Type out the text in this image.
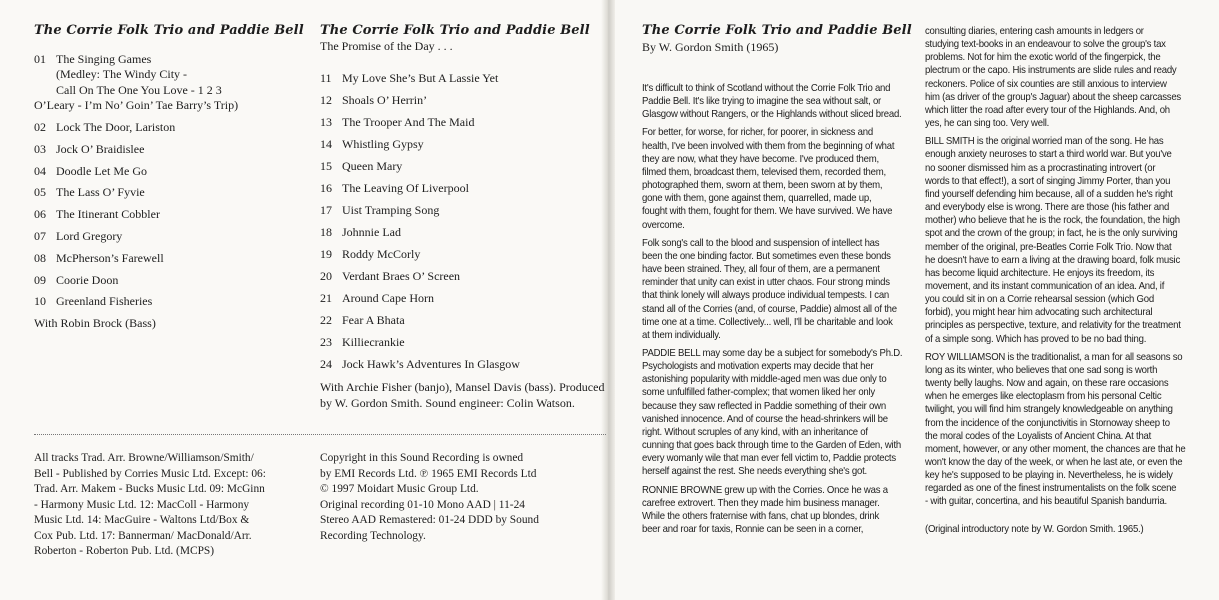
The Corrie Folk Trio and Paddie Bell
01 The Singing Games
(Medley: The Windy City -
Call On The One You Love - 1 2 3
O’Leary - I’m No’ Goin’ Tae Barry’s Trip)
02 Lock The Door, Lariston
03 Jock O’ Braidislee
04 Doodle Let Me Go
05 The Lass O’ Fyvie
06 The Itinerant Cobbler
07 Lord Gregory
08 McPherson’s Farewell
09 Coorie Doon
10 Greenland Fisheries
With Robin Brock (Bass)
The Corrie Folk Trio and Paddie Bell
The Promise of the Day . . .
11 My Love She’s But A Lassie Yet
12 Shoals O’ Herrin’
13 The Trooper And The Maid
14 Whistling Gypsy
15 Queen Mary
16 The Leaving Of Liverpool
17 Uist Tramping Song
18 Johnnie Lad
19 Roddy McCorly
20 Verdant Braes O’ Screen
21 Around Cape Horn
22 Fear A Bhata
23 Killiecrankie
24 Jock Hawk’s Adventures In Glasgow
With Archie Fisher (banjo), Mansel Davis (bass). Produced by W. Gordon Smith. Sound engineer: Colin Watson.
All tracks Trad. Arr. Browne/Williamson/Smith/
Bell - Published by Corries Music Ltd. Except: 06:
Trad. Arr. Makem - Bucks Music Ltd. 09: McGinn
- Harmony Music Ltd. 12: MacColl - Harmony
Music Ltd. 14: MacGuire - Waltons Ltd/Box &
Cox Pub. Ltd. 17: Bannerman/ MacDonald/Arr.
Roberton - Roberton Pub. Ltd. (MCPS)
Copyright in this Sound Recording is owned
by EMI Records Ltd. ℗ 1965 EMI Records Ltd
© 1997 Moidart Music Group Ltd.
Original recording 01-10 Mono AAD | 11-24
Stereo AAD Remastered: 01-24 DDD by Sound
Recording Technology.
The Corrie Folk Trio and Paddie Bell
By W. Gordon Smith (1965)

It's difficult to think of Scotland without the Corrie Folk Trio and
Paddie Bell. It's like trying to imagine the sea without salt, or
Glasgow without Rangers, or the Highlands without sliced bread.

For better, for worse, for richer, for poorer, in sickness and
health, I've been involved with them from the beginning of what
they are now, what they have become. I've produced them,
filmed them, broadcast them, televised them, recorded them,
photographed them, sworn at them, been sworn at by them,
gone with them, gone against them, quarrelled, made up,
fought with them, fought for them. We have survived. We have
overcome.

Folk song's call to the blood and suspension of intellect has
been the one binding factor. But sometimes even these bonds
have been strained. They, all four of them, are a permanent
reminder that unity can exist in utter chaos. Four strong minds
that think lonely will always produce individual tempests. I can
stand all of the Corries (and, of course, Paddie) almost all of the
time one at a time. Collectively... well, I'll be charitable and look
at them individually.

PADDIE BELL may some day be a subject for somebody's Ph.D.
Psychologists and motivation experts may decide that her
astonishing popularity with middle-aged men was due only to
some unfulfilled father-complex; that women liked her only
because they saw reflected in Paddie something of their own
vanished innocence. And of course the head-shrinkers will be
right. Without scruples of any kind, with an inheritance of
cunning that goes back through time to the Garden of Eden, with
every womanly wile that man ever fell victim to, Paddie protects
herself against the rest. She needs everything she's got.

RONNIE BROWNE grew up with the Corries. Once he was a
carefree extrovert. Then they made him business manager.
While the others fraternise with fans, chat up blondes, drink
beer and roar for taxis, Ronnie can be seen in a corner,

consulting diaries, entering cash amounts in ledgers or
studying text-books in an endeavour to solve the group's tax
problems. Not for him the exotic world of the fingerpick, the
plectrum or the capo. His instruments are slide rules and ready
reckoners. Police of six counties are still anxious to interview
him (as driver of the group's Jaguar) about the sheep carcasses
which litter the road after every tour of the Highlands. And, oh
yes, he can sing too. Very well.

BILL SMITH is the original worried man of the song. He has
enough anxiety neuroses to start a third world war. But you've
no sooner dismissed him as a procrastinating introvert (or
words to that effect!), a sort of singing Jimmy Porter, than you
find yourself defending him because, all of a sudden he's right
and everybody else is wrong. There are those (his father and
mother) who believe that he is the rock, the foundation, the high
spot and the crown of the group; in fact, he is the only surviving
member of the original, pre-Beatles Corrie Folk Trio. Now that
he doesn't have to earn a living at the drawing board, folk music
has become liquid architecture. He enjoys its freedom, its
movement, and its instant communication of an idea. And, if
you could sit in on a Corrie rehearsal session (which God
forbid), you might hear him advocating such architectural
principles as perspective, texture, and relativity for the treatment
of a simple song. Which has proved to be no bad thing.

ROY WILLIAMSON is the traditionalist, a man for all seasons so
long as its winter, who believes that one sad song is worth
twenty belly laughs. Now and again, on these rare occasions
when he emerges like electoplasm from his personal Celtic
twilight, you will find him strangely knowledgeable on anything
from the incidence of the conjunctivitis in Stornoway sheep to
the moral codes of the Loyalists of Ancient China. At that
moment, however, or any other moment, the chances are that he
won't know the day of the week, or when he last ate, or even the
key he's supposed to be playing in. Nevertheless, he is widely
regarded as one of the finest instrumentalists on the folk scene
- with guitar, concertina, and his beautiful Spanish bandurria.

(Original introductory note by W. Gordon Smith. 1965.)
